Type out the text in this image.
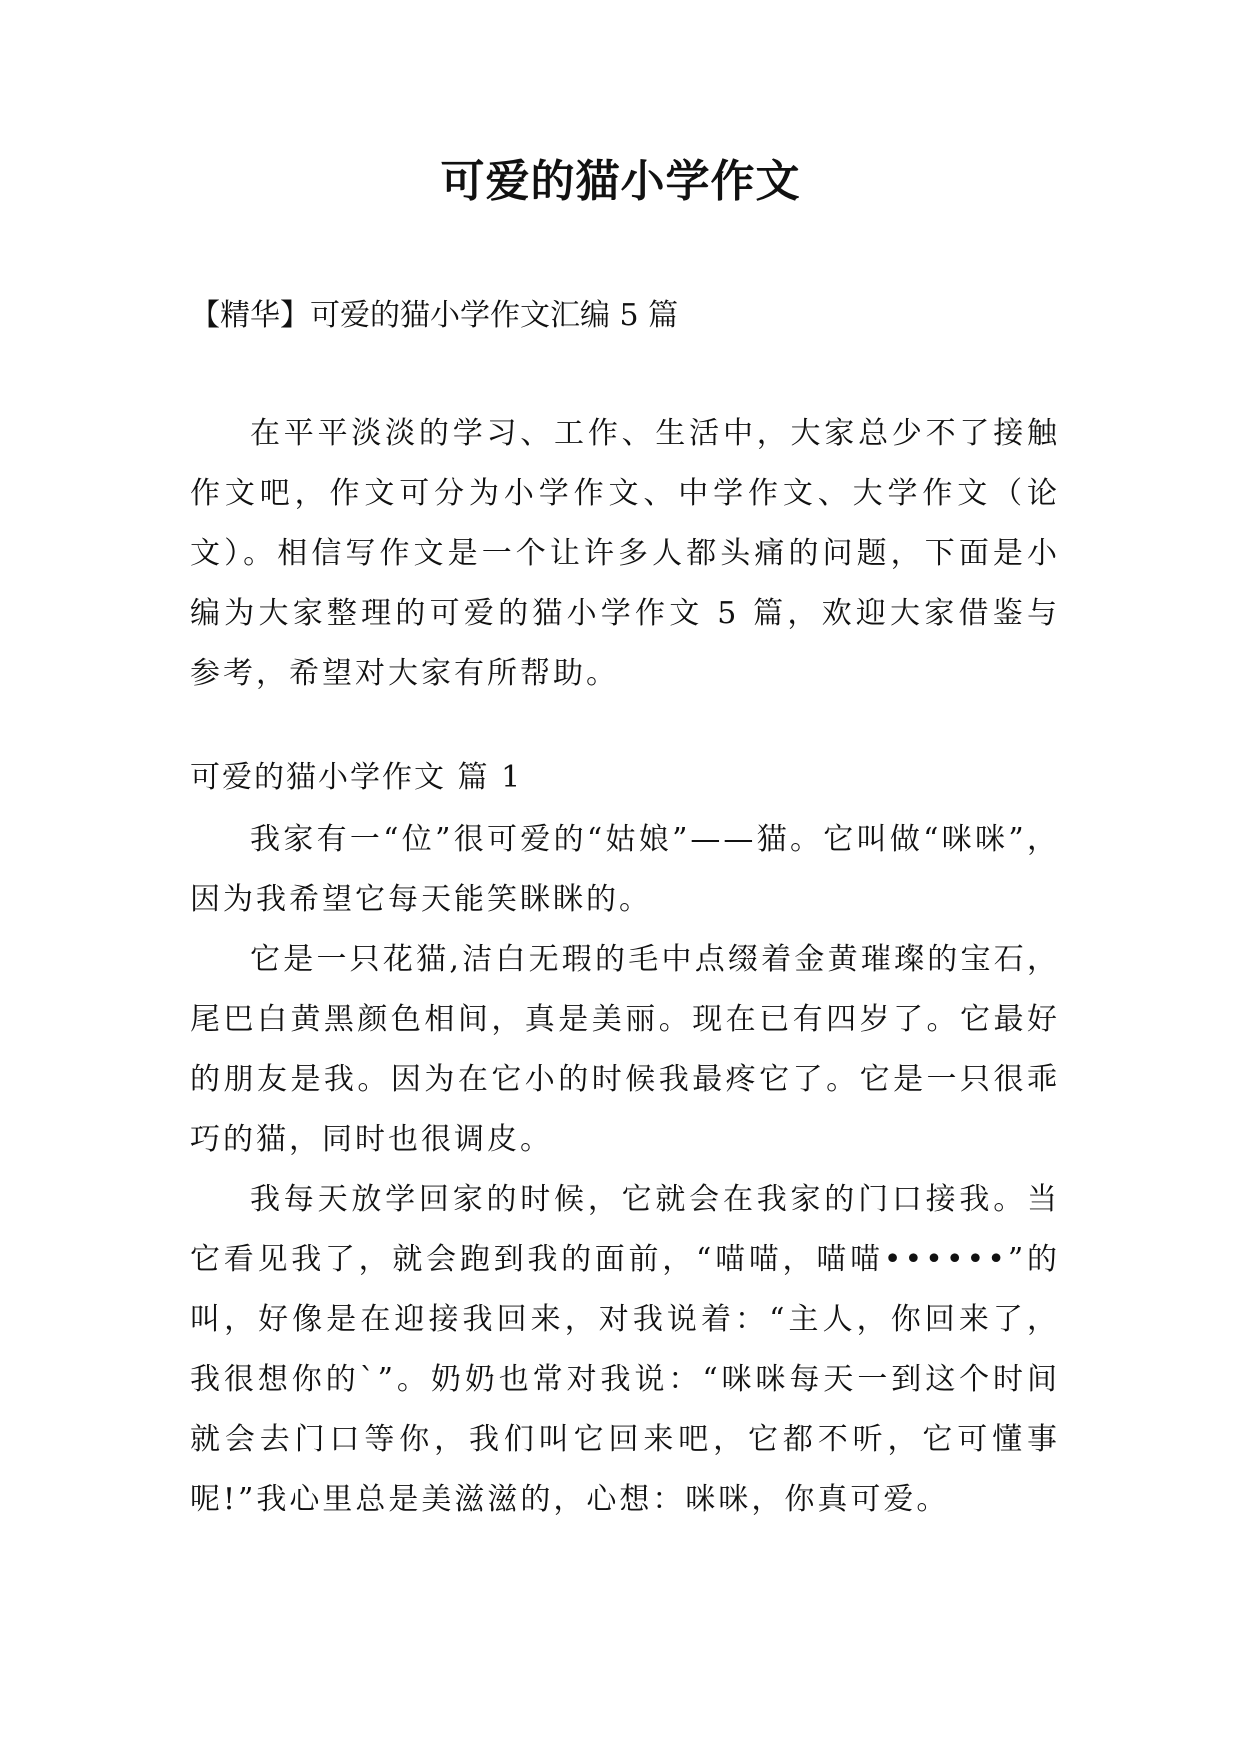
可爱的猫小学作文

【精华】可爱的猫小学作文汇编 5 篇

在平平淡淡的学习、工作、生活中，大家总少不了接触作文吧，作文可分为小学作文、中学作文、大学作文（论文）。相信写作文是一个让许多人都头痛的问题，下面是小编为大家整理的可爱的猫小学作文 5 篇，欢迎大家借鉴与参考，希望对大家有所帮助。

可爱的猫小学作文 篇 1

我家有一“位”很可爱的“姑娘”——猫。它叫做“咪咪”，因为我希望它每天能笑眯眯的。

它是一只花猫,洁白无瑕的毛中点缀着金黄璀璨的宝石，尾巴白黄黑颜色相间，真是美丽。现在已有四岁了。它最好的朋友是我。因为在它小的时候我最疼它了。它是一只很乖巧的猫，同时也很调皮。

我每天放学回家的时候，它就会在我家的门口接我。当它看见我了，就会跑到我的面前，“喵喵，喵喵••••••”的叫，好像是在迎接我回来，对我说着：“主人，你回来了，我很想你的`”。奶奶也常对我说：“咪咪每天一到这个时间就会去门口等你，我们叫它回来吧，它都不听，它可懂事呢!”我心里总是美滋滋的，心想：咪咪，你真可爱。
